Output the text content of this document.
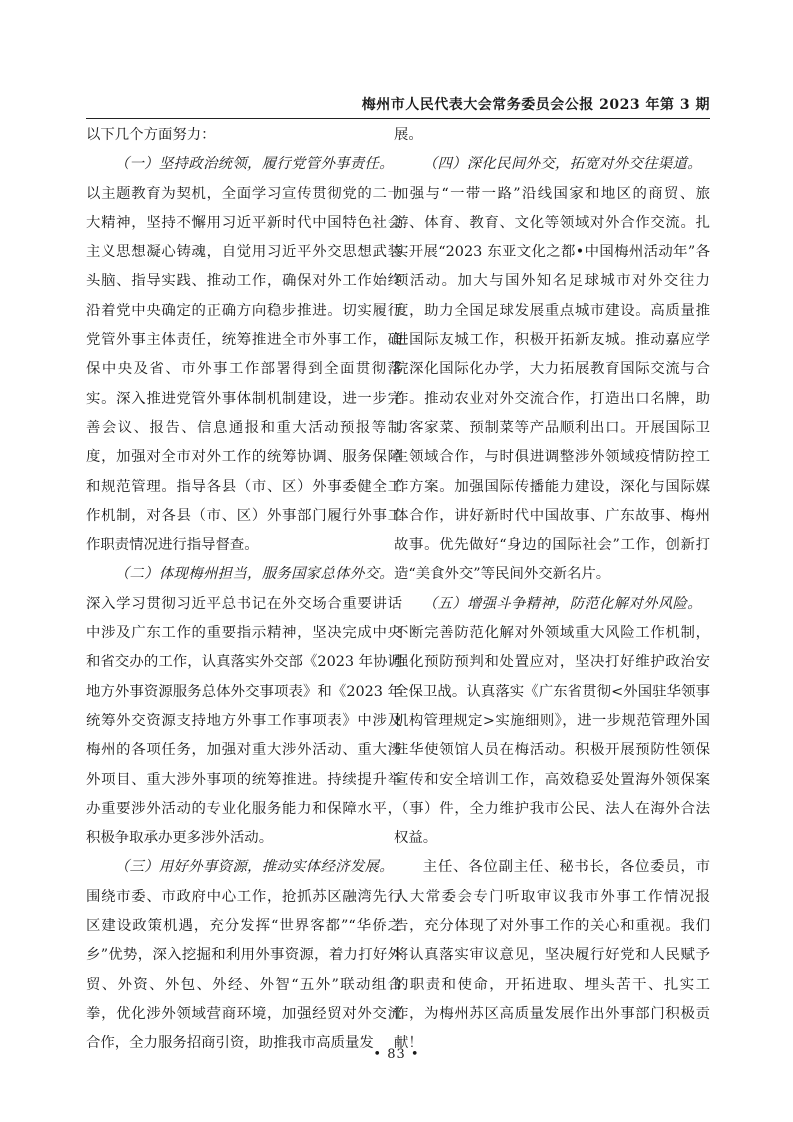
梅州市人民代表大会常务委员会公报 2023 年第 3 期

以下几个方面努力：

（一）坚持政治统领，履行党管外事责任。

以主题教育为契机，全面学习宣传贯彻党的二十大精神，坚持不懈用习近平新时代中国特色社会主义思想凝心铸魂，自觉用习近平外交思想武装头脑、指导实践、推动工作，确保对外工作始终沿着党中央确定的正确方向稳步推进。切实履行党管外事主体责任，统筹推进全市外事工作，确保中央及省、市外事工作部署得到全面贯彻落实。深入推进党管外事体制机制建设，进一步完善会议、报告、信息通报和重大活动预报等制度，加强对全市对外工作的统筹协调、服务保障和规范管理。指导各县（市、区）外事委健全工作机制，对各县（市、区）外事部门履行外事工作职责情况进行指导督查。

（二）体现梅州担当，服务国家总体外交。

深入学习贯彻习近平总书记在外交场合重要讲话中涉及广东工作的重要指示精神，坚决完成中央和省交办的工作，认真落实外交部《2023 年协调地方外事资源服务总体外交事项表》和《2023 年统筹外交资源支持地方外事工作事项表》中涉及梅州的各项任务，加强对重大涉外活动、重大涉外项目、重大涉外事项的统筹推进。持续提升举办重要涉外活动的专业化服务能力和保障水平，积极争取承办更多涉外活动。

（三）用好外事资源，推动实体经济发展。

围绕市委、市政府中心工作，抢抓苏区融湾先行区建设政策机遇，充分发挥“世界客都”“华侨之乡”优势，深入挖掘和利用外事资源，着力打好外贸、外资、外包、外经、外智“五外”联动组合拳，优化涉外领域营商环境，加强经贸对外交流合作，全力服务招商引资，助推我市高质量发

展。

（四）深化民间外交，拓宽对外交往渠道。

加强与“一带一路”沿线国家和地区的商贸、旅游、体育、教育、文化等领域对外合作交流。扎实开展“2023 东亚文化之都•中国梅州活动年”各项活动。加大与国外知名足球城市对外交往力度，助力全国足球发展重点城市建设。高质量推进国际友城工作，积极开拓新友城。推动嘉应学院深化国际化办学，大力拓展教育国际交流与合作。推动农业对外交流合作，打造出口名牌，助力客家菜、预制菜等产品顺利出口。开展国际卫生领域合作，与时俱进调整涉外领域疫情防控工作方案。加强国际传播能力建设，深化与国际媒体合作，讲好新时代中国故事、广东故事、梅州故事。优先做好“身边的国际社会”工作，创新打造“美食外交”等民间外交新名片。

（五）增强斗争精神，防范化解对外风险。

不断完善防范化解对外领域重大风险工作机制，强化预防预判和处置应对，坚决打好维护政治安全保卫战。认真落实《广东省贯彻<外国驻华领事机构管理规定>实施细则》，进一步规范管理外国驻华使领馆人员在梅活动。积极开展预防性领保宣传和安全培训工作，高效稳妥处置海外领保案（事）件，全力维护我市公民、法人在海外合法权益。

主任、各位副主任、秘书长，各位委员，市人大常委会专门听取审议我市外事工作情况报告，充分体现了对外事工作的关心和重视。我们将认真落实审议意见，坚决履行好党和人民赋予的职责和使命，开拓进取、埋头苦干、扎实工作，为梅州苏区高质量发展作出外事部门积极贡献！

• 83 •
